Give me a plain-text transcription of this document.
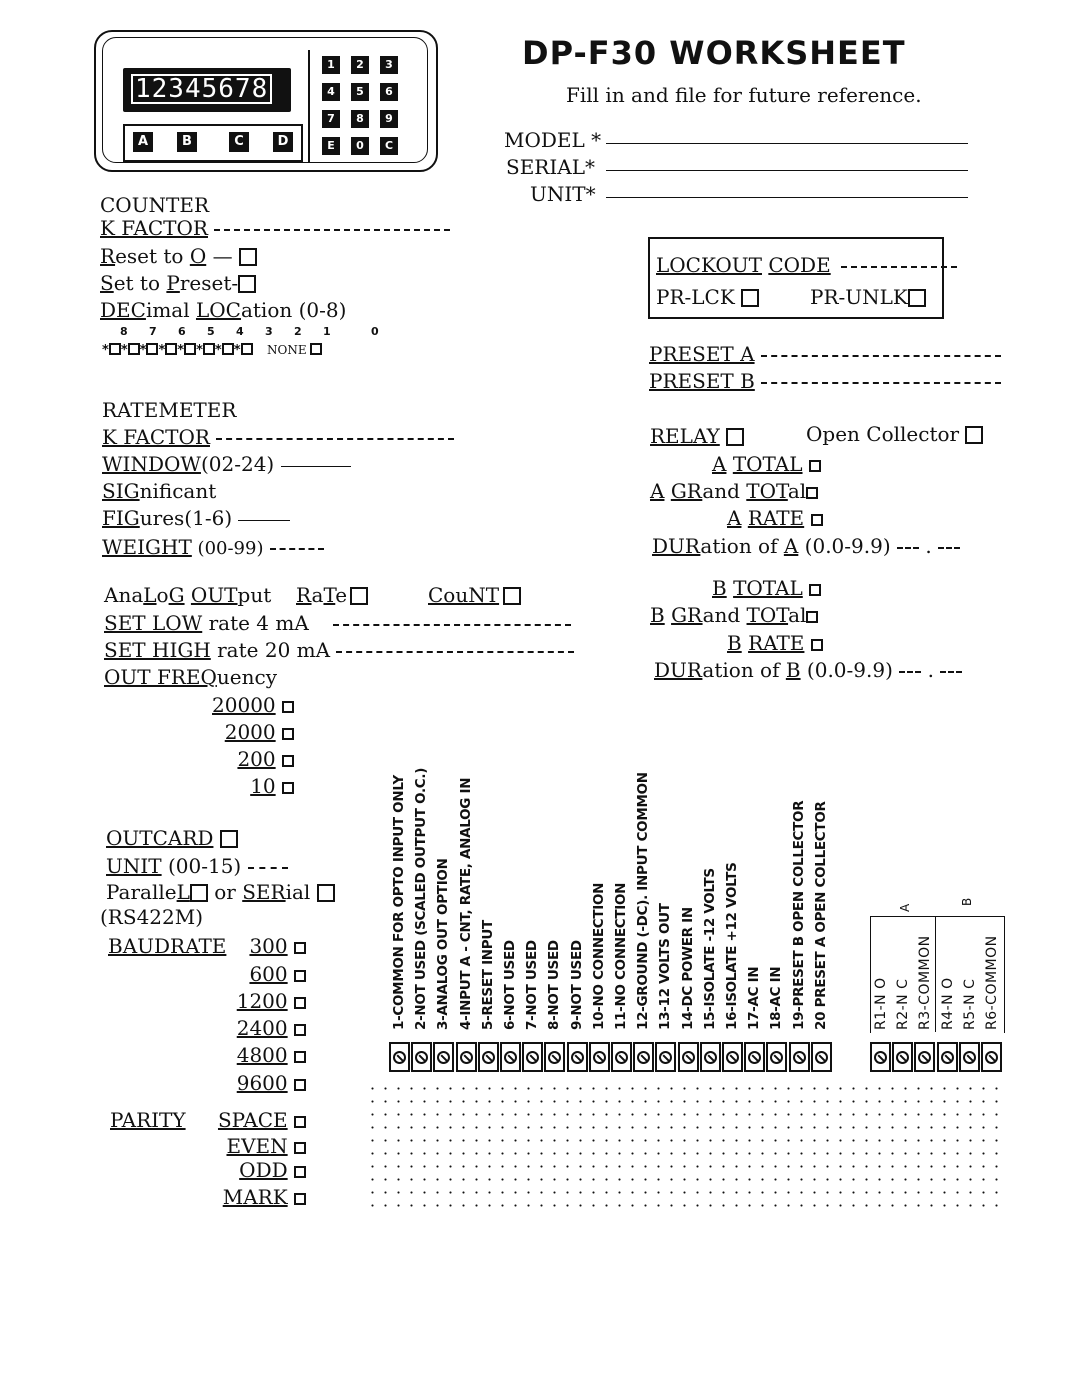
DP-F30 WORKSHEET
Fill in and file for future reference.
MODEL *
SERIAL*
UNIT*
12345678
A	B	C	D
1	2	3
4	5	6
7	8	9
E	0	C
COUNTER
K FACTOR
Reset to O —
Set to Preset-
DECimal LOCation (0-8)
8 7 6 5 4 3 2 1	0
* * * * * * * * NONE
RATEMETER
K FACTOR
WINDOW(02-24)
SIGnificant
FIGures(1-6)
WEIGHT (00-99)
AnaLoG OUTput RaTe	CouNT
SET LOW rate 4 mA
SET HIGH rate 20 mA
OUT FREQuency
20000
2000
200
10
OUTCARD
UNIT (00-15)
ParalleL or SERial
(RS422M)
BAUDRATE 300
600
1200
2400
4800
9600
PARITY SPACE
EVEN
ODD
MARK
LOCKOUT CODE
PR-LCK	PR-UNLK
PRESET A
PRESET B
RELAY	Open Collector
A TOTAL
A GRand TOTal
A RATE
DURation of A (0.0-9.9)  .
B TOTAL
B GRand TOTal
B RATE
DURation of B (0.0-9.9)  .
1-COMMON FOR OPTO INPUT ONLY 2-NOT USED (SCALED OUTPUT O.C.) 3-ANALOG OUT OPTION 4-INPUT A - CNT, RATE, ANALOG IN 5-RESET INPUT 6-NOT USED 7-NOT USED 8-NOT USED 9-NOT USED 10-NO CONNECTION 11-NO CONNECTION 12-GROUND (-DC). INPUT COMMON 13-12 VOLTS OUT 14-DC POWER IN 15-ISOLATE -12 VOLTS 16-ISOLATE +12 VOLTS 17-AC IN 18-AC IN 19-PRESET B OPEN COLLECTOR 20 PRESET A OPEN COLLECTOR	R1-N O R2-N C R3-COMMON R4-N O R5-N C R6-COMMON
A
B
